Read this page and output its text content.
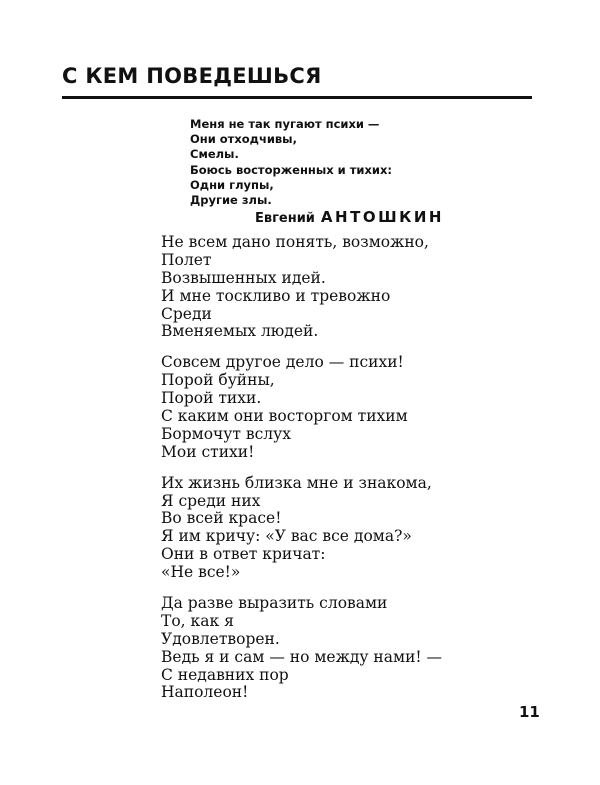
С КЕМ ПОВЕДЕШЬСЯ
Меня не так пугают психи —
Они отходчивы,
Смелы.
Боюсь восторженных и тихих:
Одни глупы,
Другие злы.
Евгений АНТОШКИН
Не всем дано понять, возможно,
Полет
Возвышенных идей.
И мне тоскливо и тревожно
Среди
Вменяемых людей.
Совсем другое дело — психи!
Порой буйны,
Порой тихи.
С каким они восторгом тихим
Бормочут вслух
Мои стихи!
Их жизнь близка мне и знакома,
Я среди них
Во всей красе!
Я им кричу: «У вас все дома?»
Они в ответ кричат:
«Не все!»
Да разве выразить словами
То, как я
Удовлетворен.
Ведь я и сам — но между нами! —
С недавних пор
Наполеон!
11
